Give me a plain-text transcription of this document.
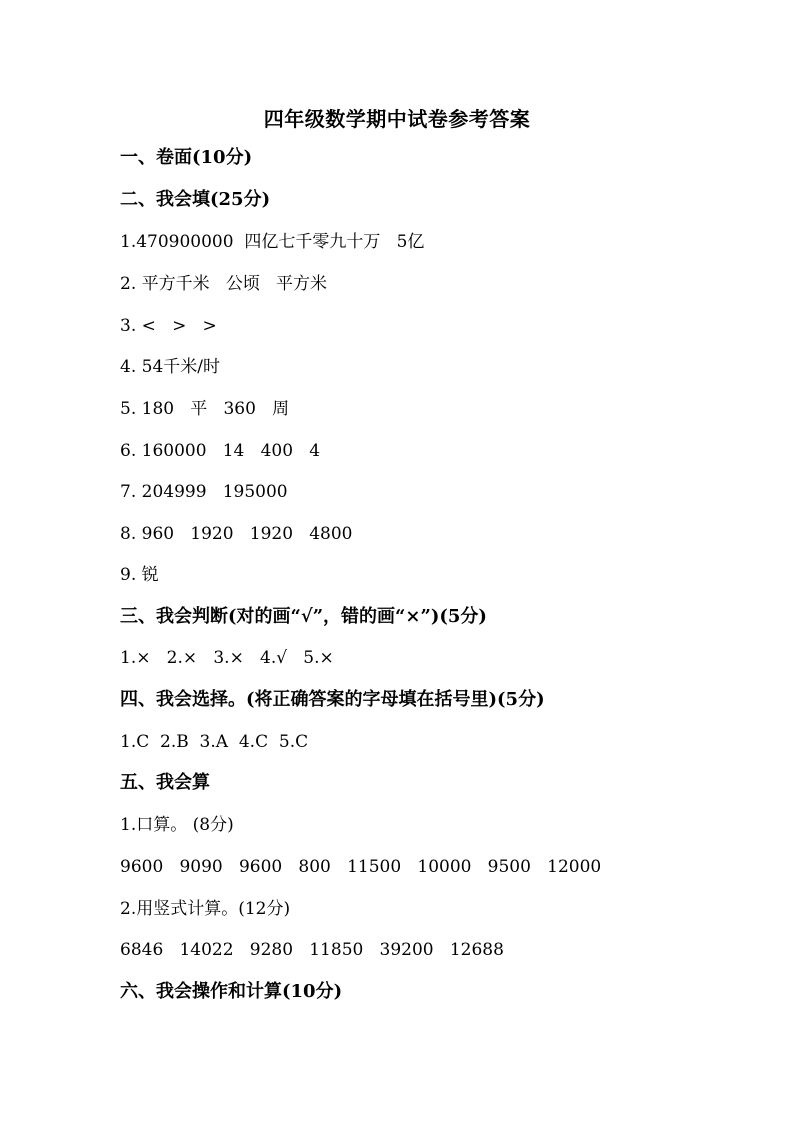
四年级数学期中试卷参考答案
一、卷面(10分)
二、我会填(25分)
1.470900000  四亿七千零九十万   5亿
2. 平方千米   公顷   平方米
3. <   >   >
4. 54千米/时
5. 180   平   360   周
6. 160000   14   400   4
7. 204999   195000
8. 960   1920   1920   4800
9. 锐
三、我会判断(对的画“√”，错的画“×”)(5分)
1.×   2.×   3.×   4.√   5.×
四、我会选择。(将正确答案的字母填在括号里)(5分)
1.C  2.B  3.A  4.C  5.C
五、我会算
1.口算。 (8分)
9600   9090   9600   800   11500   10000   9500   12000
2.用竖式计算。(12分)
6846   14022   9280   11850   39200   12688
六、我会操作和计算(10分)
